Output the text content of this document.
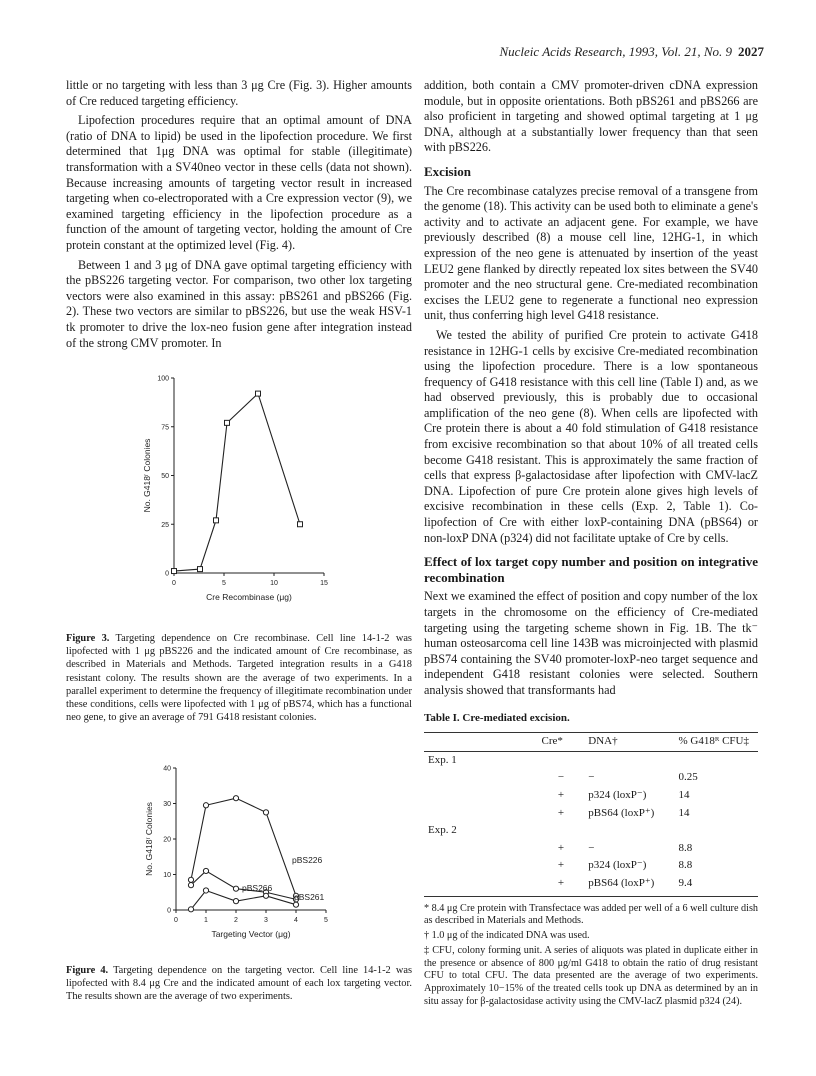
Nucleic Acids Research, 1993, Vol. 21, No. 9 2027

little or no targeting with less than 3 μg Cre (Fig. 3). Higher amounts of Cre reduced targeting efficiency.

Lipofection procedures require that an optimal amount of DNA (ratio of DNA to lipid) be used in the lipofection procedure. We first determined that 1μg DNA was optimal for stable (illegitimate) transformation with a SV40neo vector in these cells (data not shown). Because increasing amounts of targeting vector result in increased targeting when co-electroporated with a Cre expression vector (9), we examined targeting efficiency in the lipofection procedure as a function of the amount of targeting vector, holding the amount of Cre protein constant at the optimized level (Fig. 4).

Between 1 and 3 μg of DNA gave optimal targeting efficiency with the pBS226 targeting vector. For comparison, two other lox targeting vectors were also examined in this assay: pBS261 and pBS266 (Fig. 2). These two vectors are similar to pBS226, but use the weak HSV-1 tk promoter to drive the lox-neo fusion gene after integration instead of the strong CMV promoter. In

0
25
50
75
100
0	5	10	15
Cre Recombinase (μg)
No. G418ʳ Colonies
Figure 3. Targeting dependence on Cre recombinase. Cell line 14-1-2 was lipofected with 1 μg pBS226 and the indicated amount of Cre recombinase, as described in Materials and Methods. Targeted integration results in a G418 resistant colony. The results shown are the average of two experiments. In a parallel experiment to determine the frequency of illegitimate recombination under these conditions, cells were lipofected with 1 μg of pBS74, which has a functional neo gene, to give an average of 791 G418 resistant colonies.
0
10
20
30
40
0	1	2	3	4	5
Targeting Vector (μg)
No. G418ʳ Colonies	pBS226
pBS266
pBS261
Figure 4. Targeting dependence on the targeting vector. Cell line 14-1-2 was lipofected with 8.4 μg Cre and the indicated amount of each lox targeting vector. The results shown are the average of two experiments.

addition, both contain a CMV promoter-driven cDNA expression module, but in opposite orientations. Both pBS261 and pBS266 are also proficient in targeting and showed optimal targeting at 1 μg DNA, although at a substantially lower frequency than that seen with pBS226.

Excision

The Cre recombinase catalyzes precise removal of a transgene from the genome (18). This activity can be used both to eliminate a gene's activity and to activate an adjacent gene. For example, we have previously described (8) a mouse cell line, 12HG-1, in which expression of the neo gene is attenuated by insertion of the yeast LEU2 gene flanked by directly repeated lox sites between the SV40 promoter and the neo structural gene. Cre-mediated recombination excises the LEU2 gene to regenerate a functional neo expression unit, thus conferring high level G418 resistance.

We tested the ability of purified Cre protein to activate G418 resistance in 12HG-1 cells by excisive Cre-mediated recombination using the lipofection procedure. There is a low spontaneous frequency of G418 resistance with this cell line (Table I) and, as we had observed previously, this is probably due to occasional amplification of the neo gene (8). When cells are lipofected with Cre protein there is about a 40 fold stimulation of G418 resistance from excisive recombination so that about 10% of all treated cells become G418 resistant. This is approximately the same fraction of cells that express β-galactosidase after lipofection with CMV-lacZ DNA. Lipofection of pure Cre protein alone gives high levels of excisive recombination in these cells (Exp. 2, Table 1). Co-lipofection of Cre with either loxP-containing DNA (pBS64) or non-loxP DNA (p324) did not facilitate uptake of Cre by cells.

Effect of lox target copy number and position on integrative recombination

Next we examined the effect of position and copy number of the lox targets in the chromosome on the efficiency of Cre-mediated targeting using the targeting scheme shown in Fig. 1B. The tk⁻ human osteosarcoma cell line 143B was microinjected with plasmid pBS74 containing the SV40 promoter-loxP-neo target sequence and independent G418 resistant colonies were selected. Southern analysis showed that transformants had

Table I. Cre-mediated excision.
	Cre*	DNA†	% G418ᴿ CFU‡
Exp. 1			
	−	−	0.25
	+	p324 (loxP⁻)	14
	+	pBS64 (loxP⁺)	14
Exp. 2			
	+	−	8.8
	+	p324 (loxP⁻)	8.8
	+	pBS64 (loxP⁺)	9.4

* 8.4 μg Cre protein with Transfectace was added per well of a 6 well culture dish as described in Materials and Methods.

† 1.0 μg of the indicated DNA was used.

‡ CFU, colony forming unit. A series of aliquots was plated in duplicate either in the presence or absence of 800 μg/ml G418 to obtain the ratio of drug resistant CFU to total CFU. The data presented are the average of two experiments. Approximately 10−15% of the treated cells took up DNA as determined by an in situ assay for β-galactosidase activity using the CMV-lacZ plasmid p324 (24).
